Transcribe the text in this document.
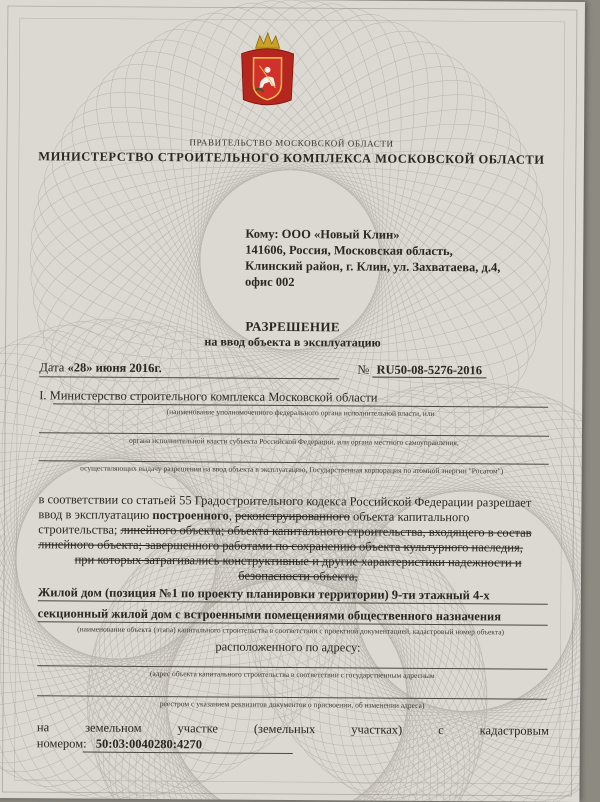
ПРАВИТЕЛЬСТВО МОСКОВСКОЙ ОБЛАСТИ
МИНИСТЕРСТВО СТРОИТЕЛЬНОГО КОМПЛЕКСА МОСКОВСКОЙ ОБЛАСТИ
Кому: ООО «Новый Клин»
141606, Россия, Московская область,
Клинский район, г. Клин, ул. Захватаева, д.4,
офис 002
РАЗРЕШЕНИЕ
на ввод объекта в эксплуатацию
Дата «28» июня 2016г.	№ RU50-08-5276-2016
I. Министерство строительного комплекса Московской области
(наименование уполномоченного федерального органа исполнительной власти, или
органа исполнительной власти субъекта Российской Федерации, или органа местного самоуправления,
осуществляющих выдачу разрешения на ввод объекта в эксплуатацию, Государственная корпорация по атомной энергии "Росатом")
в соответствии со статьей 55 Градостроительного кодекса Российской Федерации разрешает
ввод в эксплуатацию построенного, реконструированного объекта капитального
строительства; линейного объекта; объекта капитального строительства, входящего в состав
линейного объекта; завершенного работами по сохранению объекта культурного наследия,
при которых затрагивались конструктивные и другие характеристики надежности и
безопасности объекта,
Жилой дом (позиция №1 по проекту планировки территории) 9-ти этажный 4-х
секционный жилой дом с встроенными помещениями общественного назначения
(наименование объекта (этапа) капитального строительства в соответствии с проектной документацией, кадастровый номер объекта)
расположенного по адресу:
(адрес объекта капитального строительства в соответствии с государственным адресным
реестром с указанием реквизитов документов о присвоении, об изменении адреса)
на	земельном	участке	(земельных	участках)	с	кадастровым
номером: 50:03:0040280:4270
